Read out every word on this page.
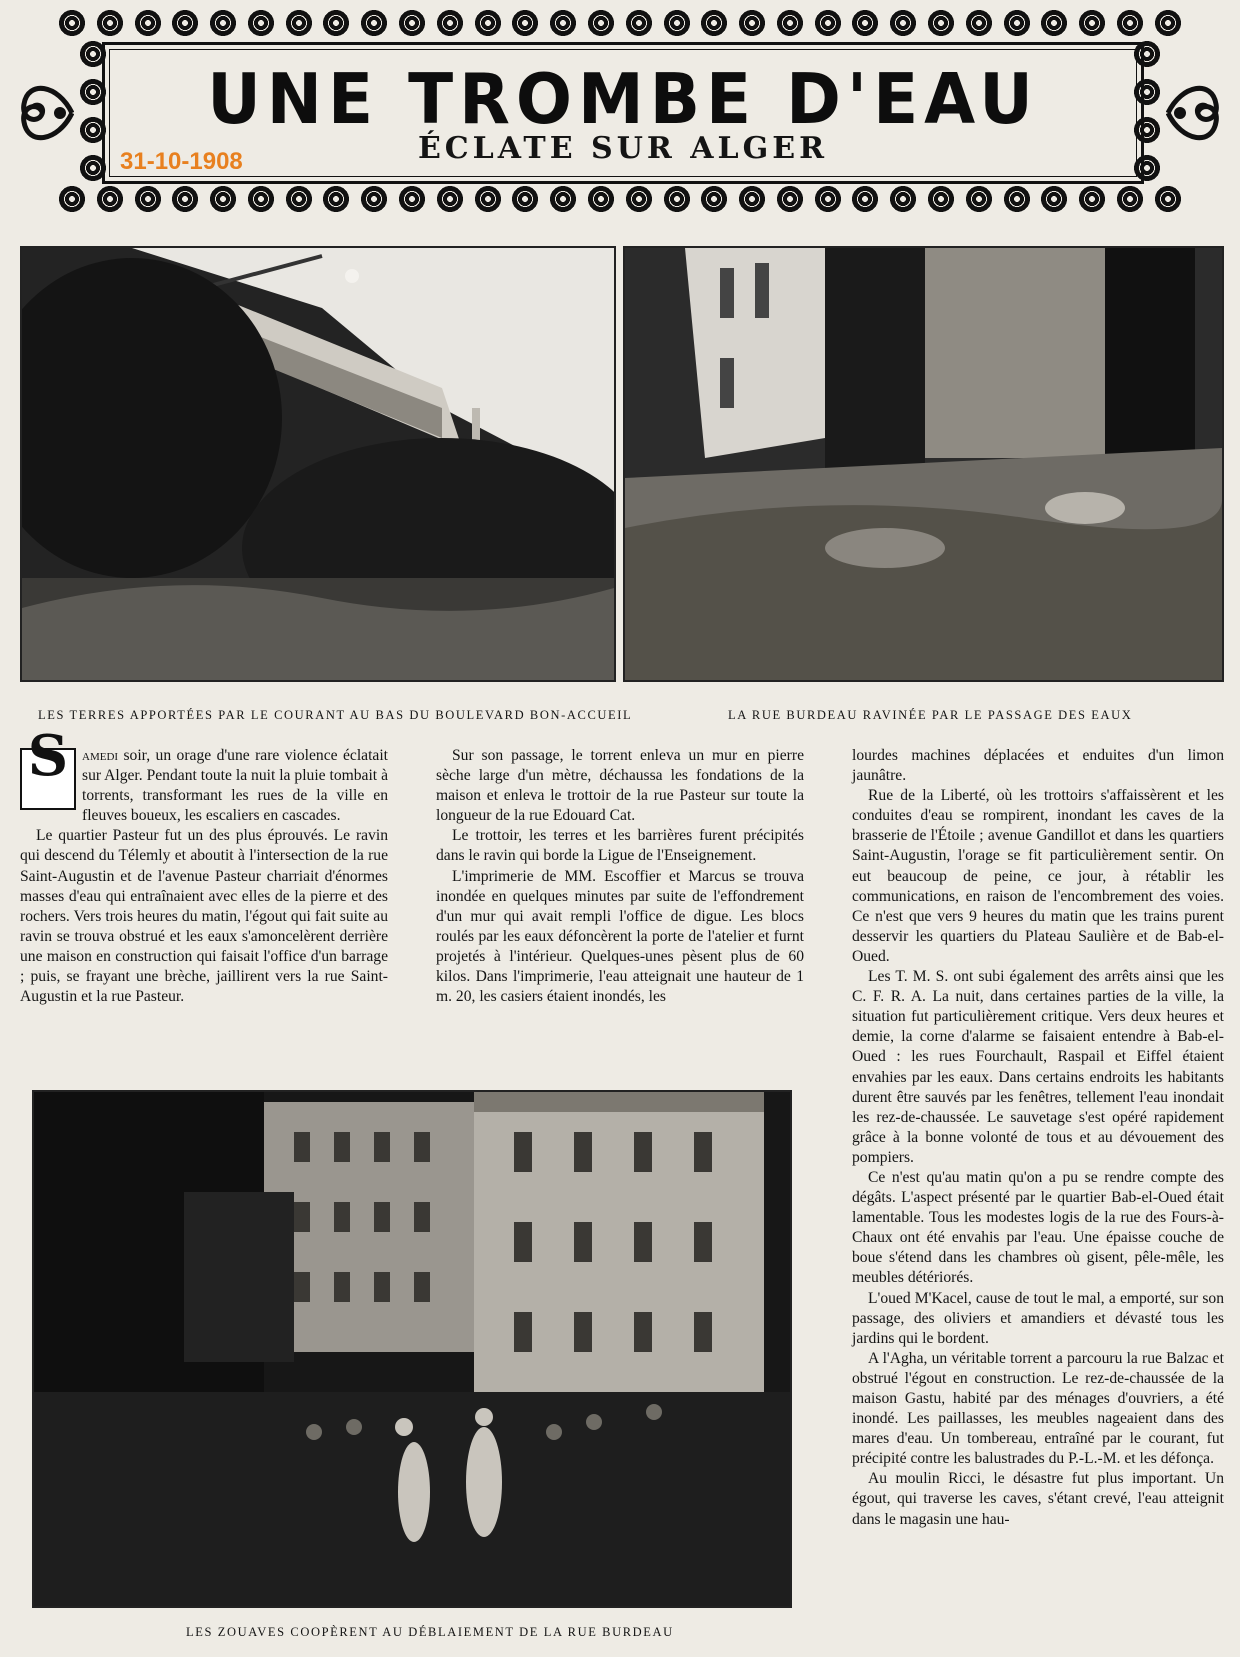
UNE TROMBE D'EAU
ÉCLATE SUR ALGER
31-10-1908
LES TERRES APPORTÉES PAR LE COURANT AU BAS DU BOULEVARD BON-ACCUEIL	LA RUE BURDEAU RAVINÉE PAR LE PASSAGE DES EAUX

S amedi soir, un orage d'une rare violence éclatait sur Alger. Pendant toute la nuit la pluie tombait à torrents, transformant les rues de la ville en fleuves boueux, les escaliers en cascades.

Le quartier Pasteur fut un des plus éprouvés. Le ravin qui descend du Télemly et aboutit à l'intersection de la rue Saint-Augustin et de l'avenue Pasteur charriait d'énormes masses d'eau qui entraînaient avec elles de la pierre et des rochers. Vers trois heures du matin, l'égout qui fait suite au ravin se trouva obstrué et les eaux s'amoncelèrent derrière une maison en construction qui faisait l'office d'un barrage ; puis, se frayant une brèche, jaillirent vers la rue Saint-Augustin et la rue Pasteur.

Sur son passage, le torrent enleva un mur en pierre sèche large d'un mètre, déchaussa les fondations de la maison et enleva le trottoir de la rue Pasteur sur toute la longueur de la rue Edouard Cat.

Le trottoir, les terres et les barrières furent précipités dans le ravin qui borde la Ligue de l'Enseignement.

L'imprimerie de MM. Escoffier et Marcus se trouva inondée en quelques minutes par suite de l'effondrement d'un mur qui avait rempli l'office de digue. Les blocs roulés par les eaux défoncèrent la porte de l'atelier et furnt projetés à l'intérieur. Quelques-unes pèsent plus de 60 kilos. Dans l'imprimerie, l'eau atteignait une hauteur de 1 m. 20, les casiers étaient inondés, les

lourdes machines déplacées et enduites d'un limon jaunâtre.

Rue de la Liberté, où les trottoirs s'affaissèrent et les conduites d'eau se rompirent, inondant les caves de la brasserie de l'Étoile ; avenue Gandillot et dans les quartiers Saint-Augustin, l'orage se fit particulièrement sentir. On eut beaucoup de peine, ce jour, à rétablir les communications, en raison de l'encombrement des voies. Ce n'est que vers 9 heures du matin que les trains purent desservir les quartiers du Plateau Saulière et de Bab-el-Oued.

Les T. M. S. ont subi également des arrêts ainsi que les C. F. R. A. La nuit, dans certaines parties de la ville, la situation fut particulièrement critique. Vers deux heures et demie, la corne d'alarme se faisaient entendre à Bab-el-Oued : les rues Fourchault, Raspail et Eiffel étaient envahies par les eaux. Dans certains endroits les habitants durent être sauvés par les fenêtres, tellement l'eau inondait les rez-de-chaussée. Le sauvetage s'est opéré rapidement grâce à la bonne volonté de tous et au dévouement des pompiers.

Ce n'est qu'au matin qu'on a pu se rendre compte des dégâts. L'aspect présenté par le quartier Bab-el-Oued était lamentable. Tous les modestes logis de la rue des Fours-à-Chaux ont été envahis par l'eau. Une épaisse couche de boue s'étend dans les chambres où gisent, pêle-mêle, les meubles détériorés.

L'oued M'Kacel, cause de tout le mal, a emporté, sur son passage, des oliviers et amandiers et dévasté tous les jardins qui le bordent.

A l'Agha, un véritable torrent a parcouru la rue Balzac et obstrué l'égout en construction. Le rez-de-chaussée de la maison Gastu, habité par des ménages d'ouvriers, a été inondé. Les paillasses, les meubles nageaient dans des mares d'eau. Un tombereau, entraîné par le courant, fut précipité contre les balustrades du P.-L.-M. et les défonça.

Au moulin Ricci, le désastre fut plus important. Un égout, qui traverse les caves, s'étant crevé, l'eau atteignit dans le magasin une hau-

LES ZOUAVES COOPÈRENT AU DÉBLAIEMENT DE LA RUE BURDEAU
